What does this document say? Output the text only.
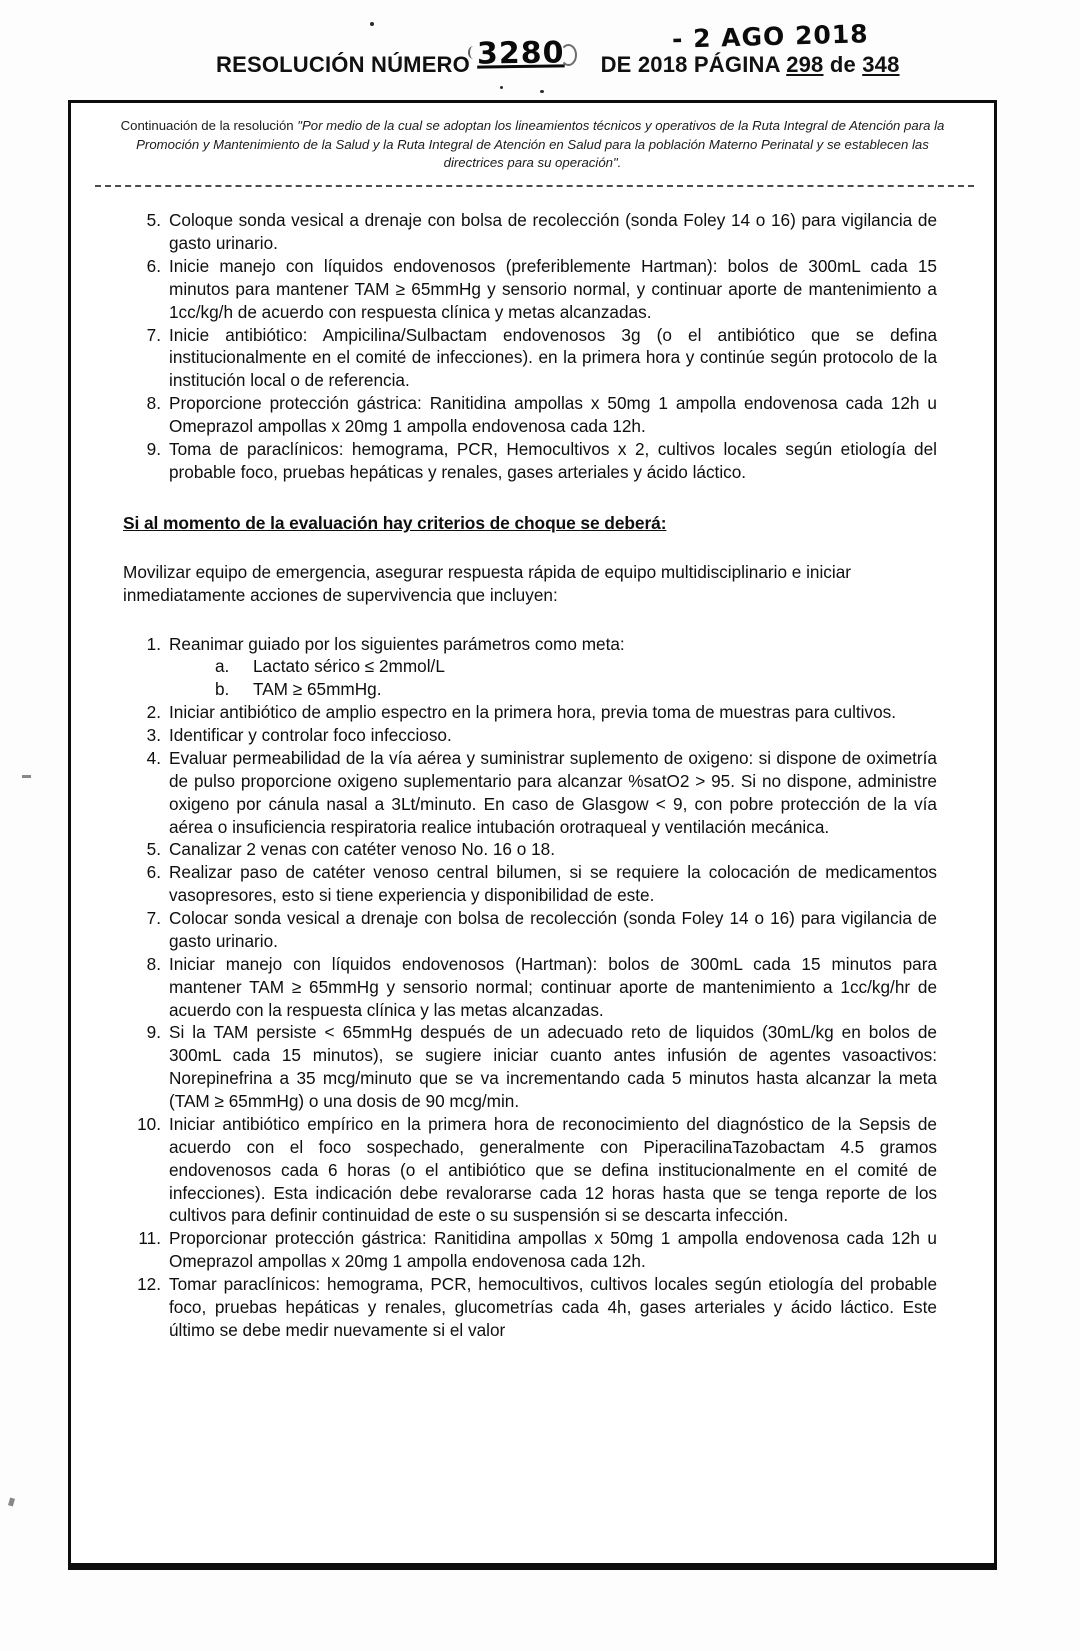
- 2 AGO 2018
RESOLUCIÓN NÚMERO	DE 2018 PÁGINA 298 de 348
3280
Continuación de la resolución "Por medio de la cual se adoptan los lineamientos técnicos y operativos de la Ruta Integral de Atención para la Promoción y Mantenimiento de la Salud y la Ruta Integral de Atención en Salud para la población Materno Perinatal y se establecen las directrices para su operación".
5. Coloque sonda vesical a drenaje con bolsa de recolección (sonda Foley 14 o 16) para vigilancia de gasto urinario.
6. Inicie manejo con líquidos endovenosos (preferiblemente Hartman): bolos de 300mL cada 15 minutos para mantener TAM ≥ 65mmHg y sensorio normal, y continuar aporte de mantenimiento a 1cc/kg/h de acuerdo con respuesta clínica y metas alcanzadas.
7. Inicie antibiótico: Ampicilina/Sulbactam endovenosos 3g (o el antibiótico que se defina institucionalmente en el comité de infecciones). en la primera hora y continúe según protocolo de la institución local o de referencia.
8. Proporcione protección gástrica: Ranitidina ampollas x 50mg 1 ampolla endovenosa cada 12h u Omeprazol ampollas x 20mg 1 ampolla endovenosa cada 12h.
9. Toma de paraclínicos: hemograma, PCR, Hemocultivos x 2, cultivos locales según etiología del probable foco, pruebas hepáticas y renales, gases arteriales y ácido láctico.
Si al momento de la evaluación hay criterios de choque se deberá:
Movilizar equipo de emergencia, asegurar respuesta rápida de equipo multidisciplinario e iniciar inmediatamente acciones de supervivencia que incluyen:
1. Reanimar guiado por los siguientes parámetros como meta:
a.	Lactato sérico ≤ 2mmol/L
b.	TAM ≥ 65mmHg.
2. Iniciar antibiótico de amplio espectro en la primera hora, previa toma de muestras para cultivos.
3. Identificar y controlar foco infeccioso.
4. Evaluar permeabilidad de la vía aérea y suministrar suplemento de oxigeno: si dispone de oximetría de pulso proporcione oxigeno suplementario para alcanzar %satO2 > 95. Si no dispone, administre oxigeno por cánula nasal a 3Lt/minuto. En caso de Glasgow < 9, con pobre protección de la vía aérea o insuficiencia respiratoria realice intubación orotraqueal y ventilación mecánica.
5. Canalizar 2 venas con catéter venoso No. 16 o 18.
6. Realizar paso de catéter venoso central bilumen, si se requiere la colocación de medicamentos vasopresores, esto si tiene experiencia y disponibilidad de este.
7. Colocar sonda vesical a drenaje con bolsa de recolección (sonda Foley 14 o 16) para vigilancia de gasto urinario.
8. Iniciar manejo con líquidos endovenosos (Hartman): bolos de 300mL cada 15 minutos para mantener TAM ≥ 65mmHg y sensorio normal; continuar aporte de mantenimiento a 1cc/kg/hr de acuerdo con la respuesta clínica y las metas alcanzadas.
9. Si la TAM persiste < 65mmHg después de un adecuado reto de liquidos (30mL/kg en bolos de 300mL cada 15 minutos), se sugiere iniciar cuanto antes infusión de agentes vasoactivos: Norepinefrina a 35 mcg/minuto que se va incrementando cada 5 minutos hasta alcanzar la meta (TAM ≥ 65mmHg) o una dosis de 90 mcg/min.
10. Iniciar antibiótico empírico en la primera hora de reconocimiento del diagnóstico de la Sepsis de acuerdo con el foco sospechado, generalmente con PiperacilinaTazobactam 4.5 gramos endovenosos cada 6 horas (o el antibiótico que se defina institucionalmente en el comité de infecciones). Esta indicación debe revalorarse cada 12 horas hasta que se tenga reporte de los cultivos para definir continuidad de este o su suspensión si se descarta infección.
11. Proporcionar protección gástrica: Ranitidina ampollas x 50mg 1 ampolla endovenosa cada 12h u Omeprazol ampollas x 20mg 1 ampolla endovenosa cada 12h.
12. Tomar paraclínicos: hemograma, PCR, hemocultivos, cultivos locales según etiología del probable foco, pruebas hepáticas y renales, glucometrías cada 4h, gases arteriales y ácido láctico. Este último se debe medir nuevamente si el valor
